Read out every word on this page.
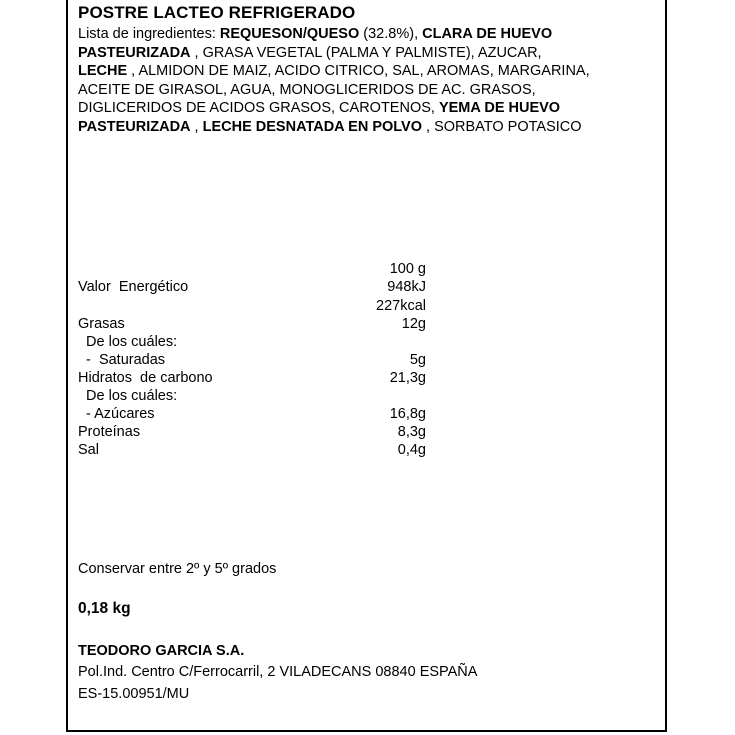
POSTRE LACTEO REFRIGERADO
Lista de ingredientes: REQUESON/QUESO (32.8%), CLARA DE HUEVO
PASTEURIZADA , GRASA VEGETAL (PALMA Y PALMISTE), AZUCAR,
LECHE , ALMIDON DE MAIZ, ACIDO CITRICO, SAL, AROMAS, MARGARINA,
ACEITE DE GIRASOL, AGUA, MONOGLICERIDOS DE AC. GRASOS,
DIGLICERIDOS DE ACIDOS GRASOS, CAROTENOS, YEMA DE HUEVO
PASTEURIZADA , LECHE DESNATADA EN POLVO , SORBATO POTASICO
100 g
Valor  Energético	948kJ
227kcal
Grasas	12g
De los cuáles:
-  Saturadas	5g
Hidratos  de carbono	21,3g
De los cuáles:
- Azúcares	16,8g
Proteínas	8,3g
Sal	0,4g
Conservar entre 2º y 5º grados
0,18 kg
TEODORO GARCIA S.A.
Pol.Ind. Centro C/Ferrocarril, 2 VILADECANS 08840 ESPAÑA
ES-15.00951/MU
